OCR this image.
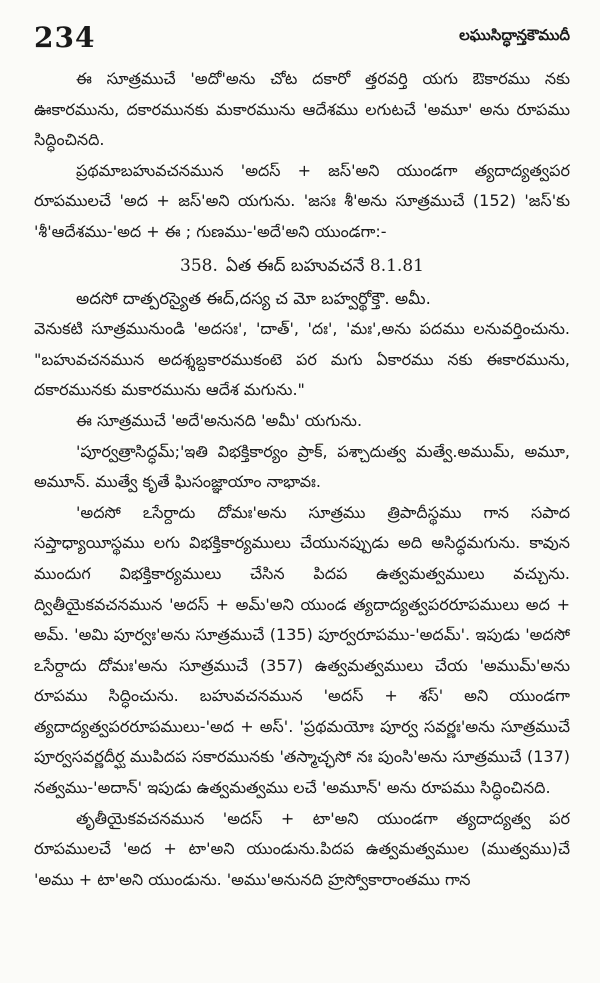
234	లఘుసిద్ధాన్తకౌముదీ

ఈ సూత్రముచే 'అదో'అను చోట దకారో త్తరవర్తి యగు ఔకారము నకు ఊకారమును, దకారమునకు మకారమును ఆదేశము లగుటచే 'అమూ' అను రూపము సిద్ధించినది.

ప్రథమాబహువచనమున 'అదస్ + జస్'అని యుండగా త్యదాద్యత్వపర రూపములచే 'అద + జస్'అని యగును. 'జసః శీ'అను సూత్రముచే (152) 'జస్'కు 'శీ'ఆదేశము-'అద + ఈ ; గుణము-'అదే'అని యుండగా:-

358. ఏత ఈద్ బహువచనే 8.1.81

అదసో దాత్పరస్యైత ఈద్,దస్య చ మో బహ్వర్థోక్తౌ. అమీ.

వెనుకటి సూత్రమునుండి 'అదసః', 'దాత్', 'దః', 'మః',అను పదము లనువర్తించును. "బహువచనమున అదశ్శబ్దకారముకంటె పర మగు ఏకారము నకు ఈకారమును, దకారమునకు మకారమును ఆదేశ మగును."

ఈ సూత్రముచే 'అదే'అనునది 'అమీ' యగును.

'పూర్వత్రాసిద్ధమ్;'ఇతి విభక్తికార్యం ప్రాక్, పశ్చాదుత్వ మత్వే.అముమ్, అమూ, అమూన్. ముత్వే కృతే ఘిసంజ్ఞాయాం నాభావః.

'అదసో ఽసేర్దాదు దోమః'అను సూత్రము త్రిపాదీస్థము గాన సపాద సప్తాధ్యాయీస్థము లగు విభక్తికార్యములు చేయునప్పుడు అది అసిద్ధమగును. కావున ముందుగ విభక్తికార్యములు చేసిన పిదప ఉత్వమత్వములు వచ్చును. ద్వితీయైకవచనమున 'అదస్ + అమ్'అని యుండ త్యదాద్యత్వపరరూపములు అద + అమ్. 'అమి పూర్వః'అను సూత్రముచే (135) పూర్వరూపము-'అదమ్'. ఇపుడు 'అదసో ఽసేర్దాదు దోమః'అను సూత్రముచే (357) ఉత్వమత్వములు చేయ 'అముమ్'అను రూపము సిద్ధించును. బహువచనమున 'అదస్ + శస్' అని యుండగా త్యదాద్యత్వపరరూపములు-'అద + అస్'. 'ప్రథమయోః పూర్వ సవర్ణః'అను సూత్రముచే పూర్వసవర్ణదీర్ఘ ముపిదప సకారమునకు 'తస్మాచ్ఛసో నః పుంసి'అను సూత్రముచే (137) నత్వము-'అదాన్' ఇపుడు ఉత్వమత్వము లచే 'అమూన్' అను రూపము సిద్ధించినది.

తృతీయైకవచనమున 'అదస్ + టా'అని యుండగా త్యదాద్యత్వ పర రూపములచే 'అద + టా'అని యుండును.పిదప ఉత్వమత్వముల (ముత్వము)చే 'అము + టా'అని యుండును. 'అము'అనునది హ్రస్వోకారాంతము గాన
